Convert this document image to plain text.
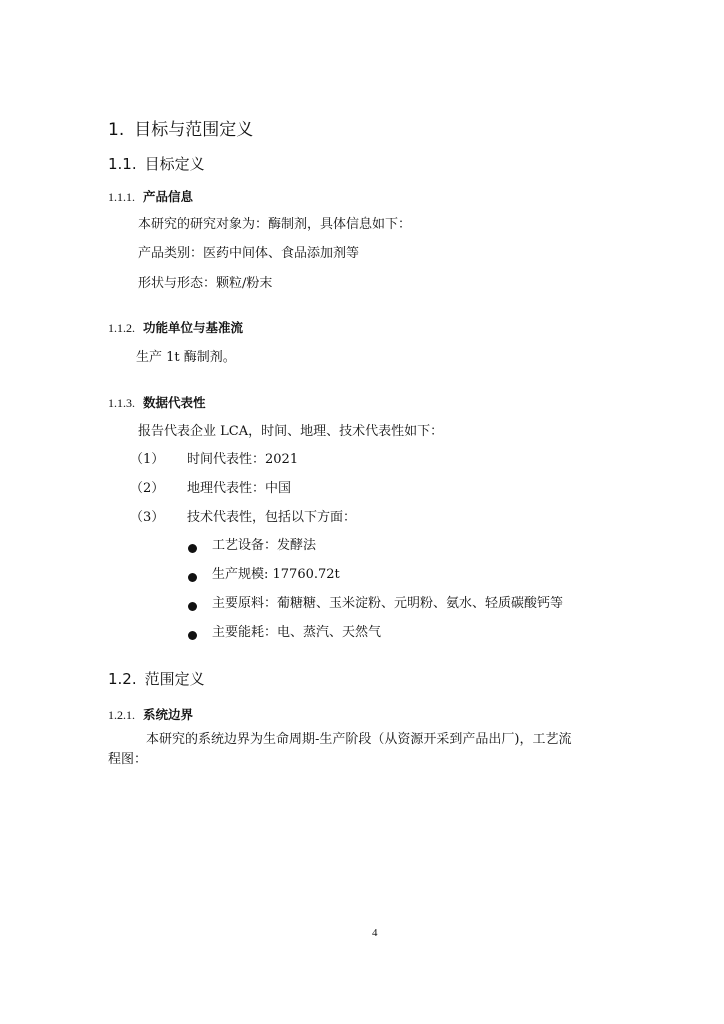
1. 目标与范围定义
1.1. 目标定义
1.1.1. 产品信息
本研究的研究对象为：酶制剂，具体信息如下：
产品类别：医药中间体、食品添加剂等
形状与形态：颗粒/粉末
1.1.2. 功能单位与基准流
生产 1t 酶制剂。
1.1.3. 数据代表性
报告代表企业 LCA，时间、地理、技术代表性如下：
（1） 时间代表性：2021
（2） 地理代表性：中国
（3） 技术代表性，包括以下方面：
工艺设备：发酵法
生产规模: 17760.72t
主要原料：葡糖糖、玉米淀粉、元明粉、氨水、轻质碳酸钙等
主要能耗：电、蒸汽、天然气
1.2. 范围定义
1.2.1. 系统边界
本研究的系统边界为生命周期-生产阶段（从资源开采到产品出厂)，工艺流
程图：
4
